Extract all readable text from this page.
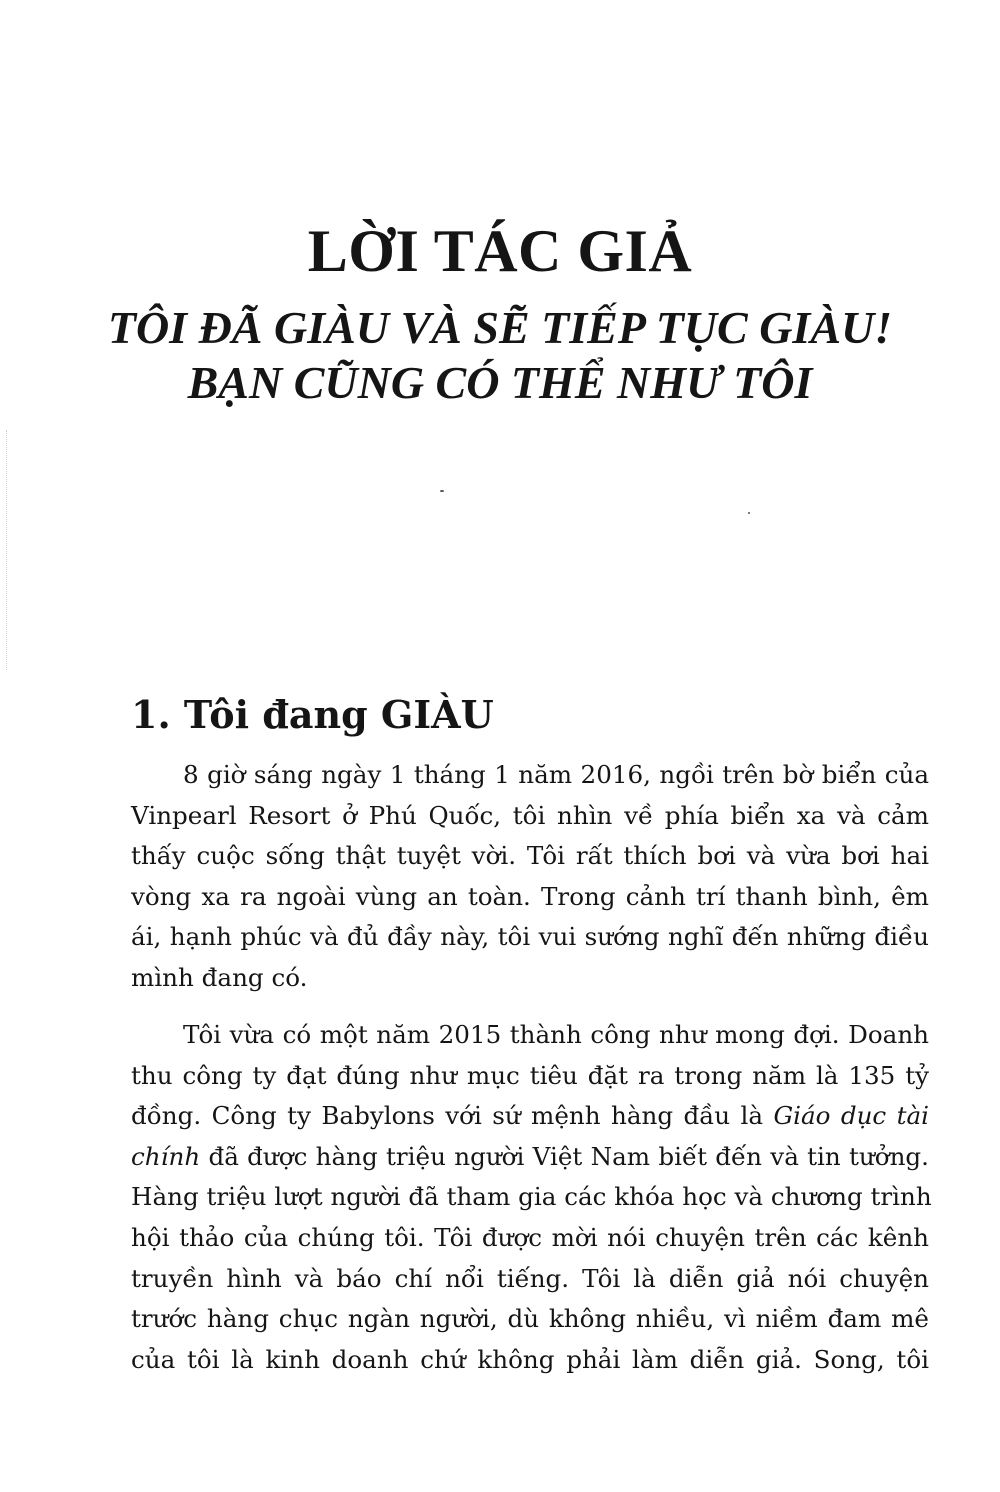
LỜI TÁC GIẢ
TÔI ĐÃ GIÀU VÀ SẼ TIẾP TỤC GIÀU!
BẠN CŨNG CÓ THỂ NHƯ TÔI
1. Tôi đang GIÀU
8 giờ sáng ngày 1 tháng 1 năm 2016, ngồi trên bờ biển của
Vinpearl Resort ở Phú Quốc, tôi nhìn về phía biển xa và cảm
thấy cuộc sống thật tuyệt vời. Tôi rất thích bơi và vừa bơi hai
vòng xa ra ngoài vùng an toàn. Trong cảnh trí thanh bình, êm
ái, hạnh phúc và đủ đầy này, tôi vui sướng nghĩ đến những điều
mình đang có.
Tôi vừa có một năm 2015 thành công như mong đợi. Doanh
thu công ty đạt đúng như mục tiêu đặt ra trong năm là 135 tỷ
đồng. Công ty Babylons với sứ mệnh hàng đầu là Giáo dục tài
chính đã được hàng triệu người Việt Nam biết đến và tin tưởng.
Hàng triệu lượt người đã tham gia các khóa học và chương trình
hội thảo của chúng tôi. Tôi được mời nói chuyện trên các kênh
truyền hình và báo chí nổi tiếng. Tôi là diễn giả nói chuyện
trước hàng chục ngàn người, dù không nhiều, vì niềm đam mê
của tôi là kinh doanh chứ không phải làm diễn giả. Song, tôi
